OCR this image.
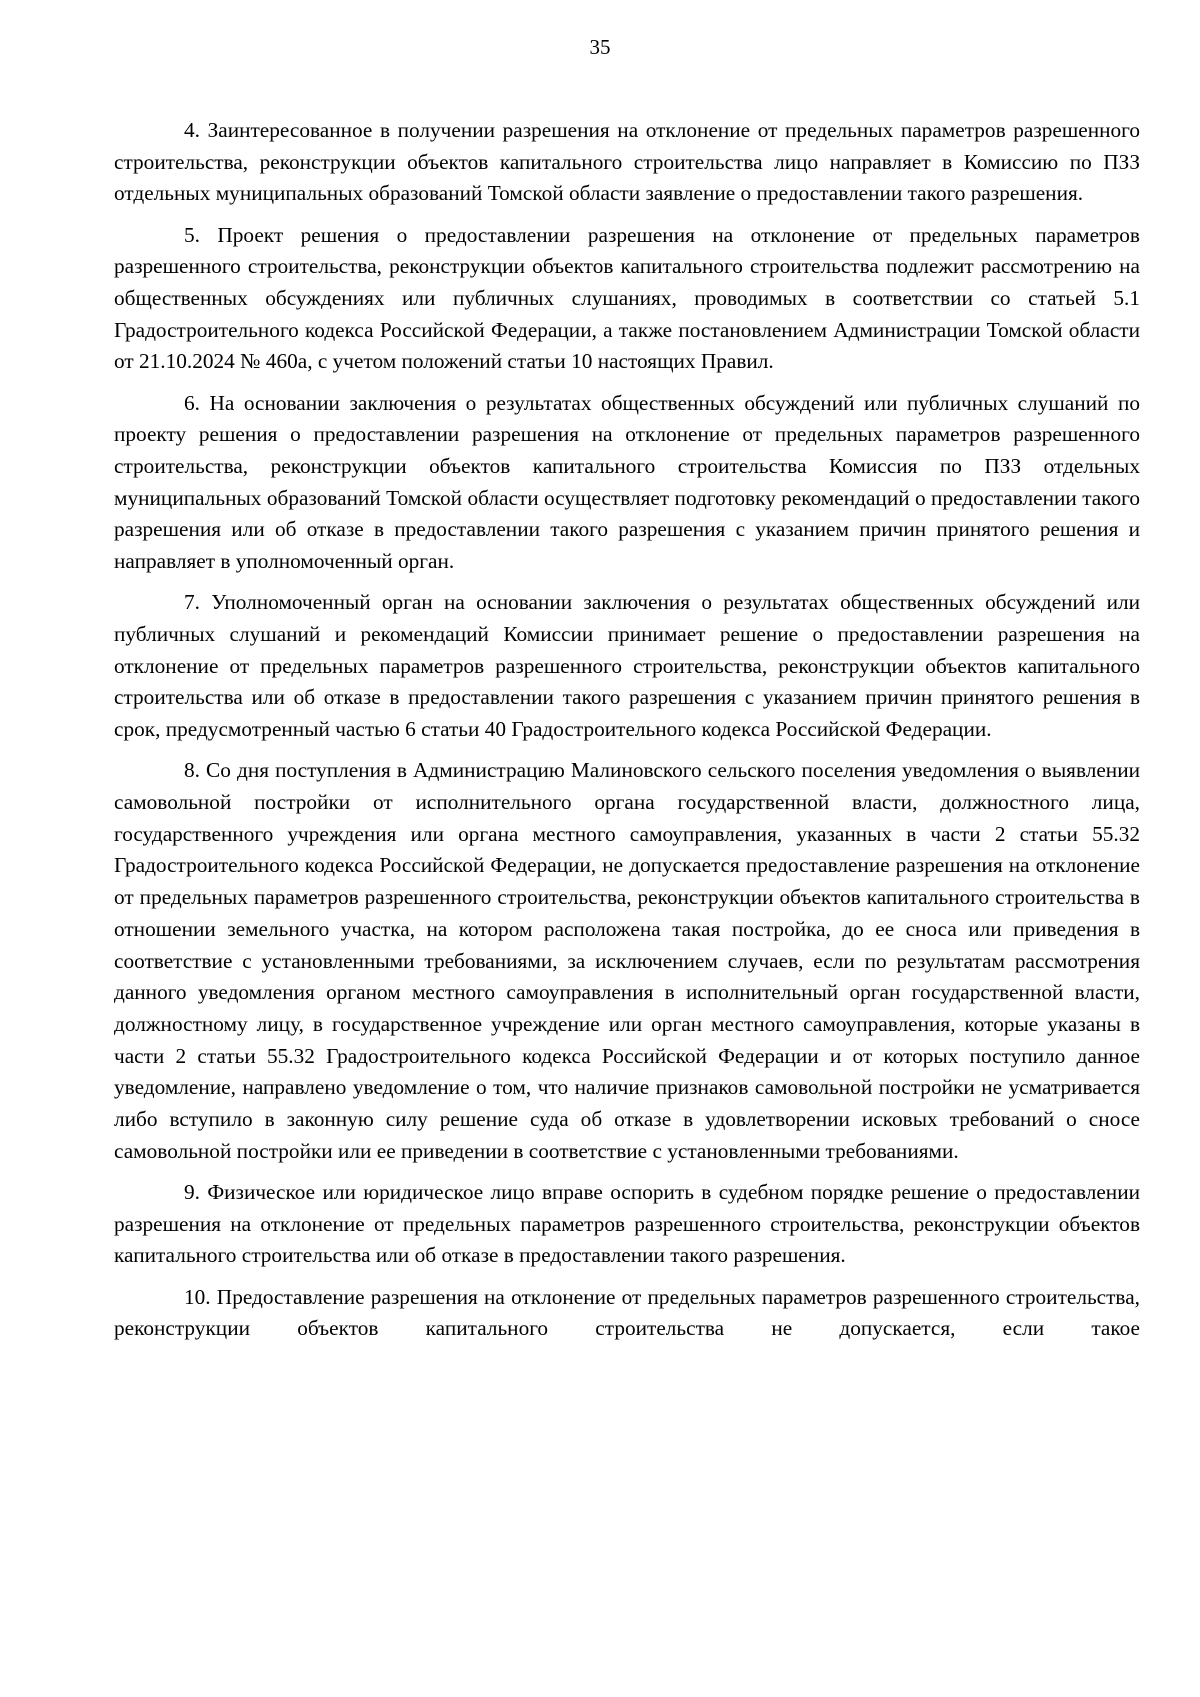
35

4. Заинтересованное в получении разрешения на отклонение от предельных параметров разрешенного строительства, реконструкции объектов капитального строительства лицо направляет в Комиссию по ПЗЗ отдельных муниципальных образований Томской области заявление о предоставлении такого разрешения.

5. Проект решения о предоставлении разрешения на отклонение от предельных параметров разрешенного строительства, реконструкции объектов капитального строительства подлежит рассмотрению на общественных обсуждениях или публичных слушаниях, проводимых в соответствии со статьей 5.1 Градостроительного кодекса Российской Федерации, а также постановлением Администрации Томской области от 21.10.2024 № 460а, с учетом положений статьи 10 настоящих Правил.

6. На основании заключения о результатах общественных обсуждений или публичных слушаний по проекту решения о предоставлении разрешения на отклонение от предельных параметров разрешенного строительства, реконструкции объектов капитального строительства Комиссия по ПЗЗ отдельных муниципальных образований Томской области осуществляет подготовку рекомендаций о предоставлении такого разрешения или об отказе в предоставлении такого разрешения с указанием причин принятого решения и направляет в уполномоченный орган.

7. Уполномоченный орган на основании заключения о результатах общественных обсуждений или публичных слушаний и рекомендаций Комиссии принимает решение о предоставлении разрешения на отклонение от предельных параметров разрешенного строительства, реконструкции объектов капитального строительства или об отказе в предоставлении такого разрешения с указанием причин принятого решения в срок, предусмотренный частью 6 статьи 40 Градостроительного кодекса Российской Федерации.

8. Со дня поступления в Администрацию Малиновского сельского поселения уведомления о выявлении самовольной постройки от исполнительного органа государственной власти, должностного лица, государственного учреждения или органа местного самоуправления, указанных в части 2 статьи 55.32 Градостроительного кодекса Российской Федерации, не допускается предоставление разрешения на отклонение от предельных параметров разрешенного строительства, реконструкции объектов капитального строительства в отношении земельного участка, на котором расположена такая постройка, до ее сноса или приведения в соответствие с установленными требованиями, за исключением случаев, если по результатам рассмотрения данного уведомления органом местного самоуправления в исполнительный орган государственной власти, должностному лицу, в государственное учреждение или орган местного самоуправления, которые указаны в части 2 статьи 55.32 Градостроительного кодекса Российской Федерации и от которых поступило данное уведомление, направлено уведомление о том, что наличие признаков самовольной постройки не усматривается либо вступило в законную силу решение суда об отказе в удовлетворении исковых требований о сносе самовольной постройки или ее приведении в соответствие с установленными требованиями.

9. Физическое или юридическое лицо вправе оспорить в судебном порядке решение о предоставлении разрешения на отклонение от предельных параметров разрешенного строительства, реконструкции объектов капитального строительства или об отказе в предоставлении такого разрешения.

10. Предоставление разрешения на отклонение от предельных параметров разрешенного строительства, реконструкции объектов капитального строительства не допускается, если такое
